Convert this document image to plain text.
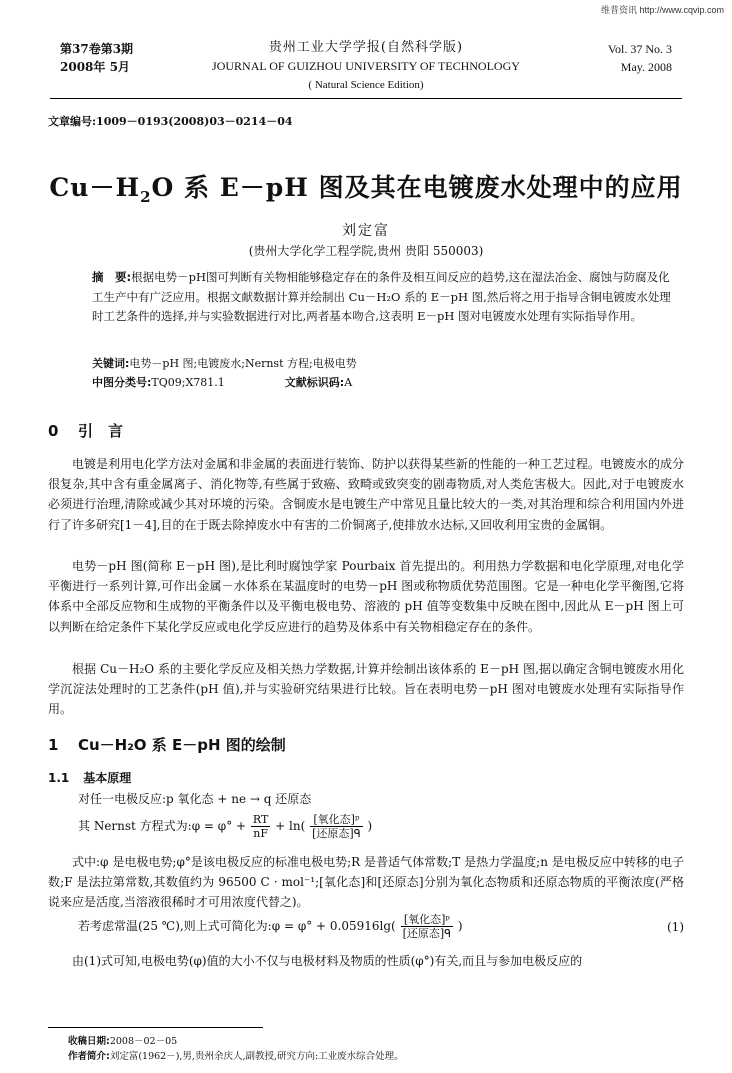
维普资讯 http://www.cqvip.com
第37卷第3期
2008年 5月
贵州工业大学学报(自然科学版)
JOURNAL OF GUIZHOU UNIVERSITY OF TECHNOLOGY
( Natural Science Edition)
Vol. 37 No. 3
May. 2008
文章编号:1009－0193(2008)03－0214－04
$Cu-H_2O$ 系 E－pH 图及其在电镀废水处理中的应用
刘定富
(贵州大学化学工程学院,贵州 贵阳 550003)
摘　要:根据电势－pH图可判断有关物相能够稳定存在的条件及相互间反应的趋势,这在湿法冶金、腐蚀与防腐及化工生产中有广泛应用。根据文献数据计算并绘制出 Cu－H₂O 系的 E－pH 图,然后将之用于指导含铜电镀废水处理时工艺条件的选择,并与实验数据进行对比,两者基本吻合,这表明 E－pH 图对电镀废水处理有实际指导作用。
关键词:电势－pH 图;电镀废水;Nernst 方程;电极电势
中图分类号:TQ09;X781.1	文献标识码:A
0 引　言
电镀是利用电化学方法对金属和非金属的表面进行装饰、防护以获得某些新的性能的一种工艺过程。电镀废水的成分很复杂,其中含有重金属离子、消化物等,有些属于致癌、致畸或致突变的剧毒物质,对人类危害极大。因此,对于电镀废水必须进行治理,清除或减少其对环境的污染。含铜废水是电镀生产中常见且量比较大的一类,对其治理和综合利用国内外进行了许多研究[1－4],目的在于既去除掉废水中有害的二价铜离子,使排放水达标,又回收利用宝贵的金属铜。
电势－pH 图(简称 E－pH 图),是比利时腐蚀学家 Pourbaix 首先提出的。利用热力学数据和电化学原理,对电化学平衡进行一系列计算,可作出金属－水体系在某温度时的电势－pH 图或称物质优势范围图。它是一种电化学平衡图,它将体系中全部反应物和生成物的平衡条件以及平衡电极电势、溶液的 pH 值等变数集中反映在图中,因此从 E－pH 图上可以判断在给定条件下某化学反应或电化学反应进行的趋势及体系中有关物相稳定存在的条件。
根据 Cu－H₂O 系的主要化学反应及相关热力学数据,计算并绘制出该体系的 E－pH 图,据以确定含铜电镀废水用化学沉淀法处理时的工艺条件(pH 值),并与实验研究结果进行比较。旨在表明电势－pH 图对电镀废水处理有实际指导作用。
1 Cu－H₂O 系 E－pH 图的绘制
1.1 基本原理
对任一电极反应:p 氧化态 + ne → q 还原态
其 Nernst 方程式为:φ = $\varphi^\circ + \frac{RT}{nF} + \ln( \frac{\text{[氧化态]ᵖ}}{\text{[还原态]ᑫ}}$ )
式中:φ 是电极电势;φ°是该电极反应的标准电极电势;R 是普适气体常数;T 是热力学温度;n 是电极反应中转移的电子数;F 是法拉第常数,其数值约为 96500 C · mol⁻¹;[氧化态]和[还原态]分别为氧化态物质和还原态物质的平衡浓度(严格说来应是活度,当溶液很稀时才可用浓度代替之)。
若考虑常温(25 ℃),则上式可简化为:φ = $\varphi^\circ + 0.05916\lg( \frac{\text{[氧化态]ᵖ}}{\text{[还原态]ᑫ}}$ )	(1)
由(1)式可知,电极电势(φ)值的大小不仅与电极材料及物质的性质(φ°)有关,而且与参加电极反应的
收稿日期:2008－02－05
作者简介:刘定富(1962－),男,贵州余庆人,副教授,研究方向:工业废水综合处理。
